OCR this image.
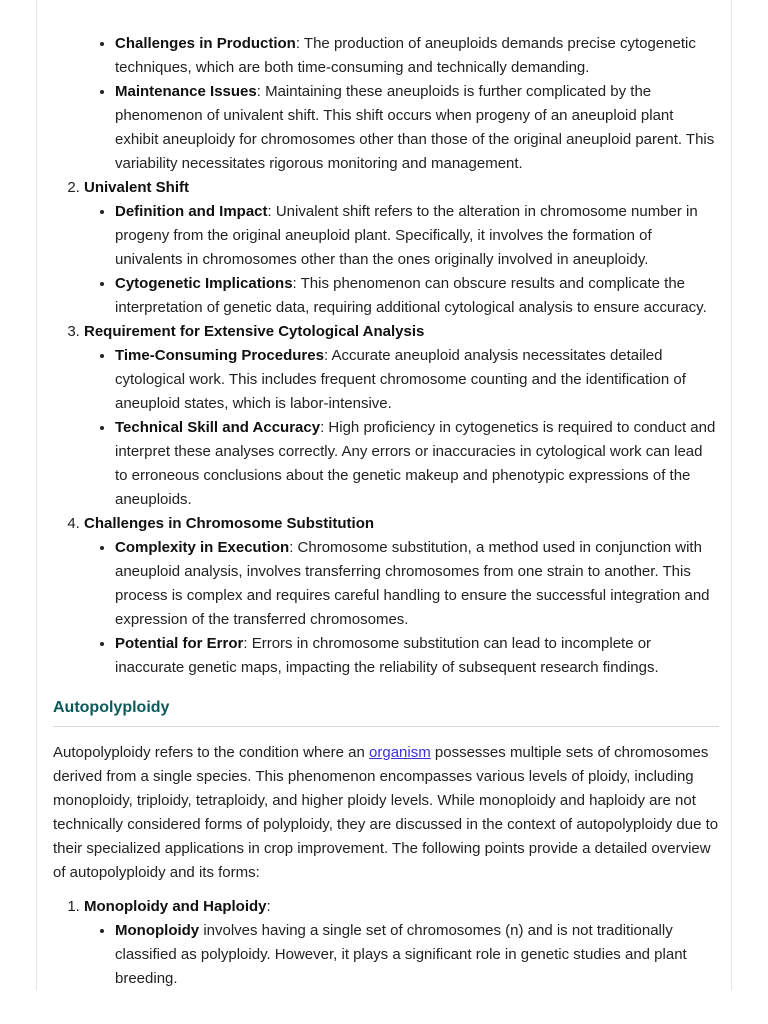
• Challenges in Production: The production of aneuploids demands precise cytogenetic techniques, which are both time-consuming and technically demanding.
• Maintenance Issues: Maintaining these aneuploids is further complicated by the phenomenon of univalent shift. This shift occurs when progeny of an aneuploid plant exhibit aneuploidy for chromosomes other than those of the original aneuploid parent. This variability necessitates rigorous monitoring and management.
2. Univalent Shift
• Definition and Impact: Univalent shift refers to the alteration in chromosome number in progeny from the original aneuploid plant. Specifically, it involves the formation of univalents in chromosomes other than the ones originally involved in aneuploidy.
• Cytogenetic Implications: This phenomenon can obscure results and complicate the interpretation of genetic data, requiring additional cytological analysis to ensure accuracy.
3. Requirement for Extensive Cytological Analysis
• Time-Consuming Procedures: Accurate aneuploid analysis necessitates detailed cytological work. This includes frequent chromosome counting and the identification of aneuploid states, which is labor-intensive.
• Technical Skill and Accuracy: High proficiency in cytogenetics is required to conduct and interpret these analyses correctly. Any errors or inaccuracies in cytological work can lead to erroneous conclusions about the genetic makeup and phenotypic expressions of the aneuploids.
4. Challenges in Chromosome Substitution
• Complexity in Execution: Chromosome substitution, a method used in conjunction with aneuploid analysis, involves transferring chromosomes from one strain to another. This process is complex and requires careful handling to ensure the successful integration and expression of the transferred chromosomes.
• Potential for Error: Errors in chromosome substitution can lead to incomplete or inaccurate genetic maps, impacting the reliability of subsequent research findings.
Autopolyploidy

Autopolyploidy refers to the condition where an organism possesses multiple sets of chromosomes derived from a single species. This phenomenon encompasses various levels of ploidy, including monoploidy, triploidy, tetraploidy, and higher ploidy levels. While monoploidy and haploidy are not technically considered forms of polyploidy, they are discussed in the context of autopolyploidy due to their specialized applications in crop improvement. The following points provide a detailed overview of autopolyploidy and its forms:

1. Monoploidy and Haploidy:
• Monoploidy involves having a single set of chromosomes (n) and is not traditionally classified as polyploidy. However, it plays a significant role in genetic studies and plant breeding.
